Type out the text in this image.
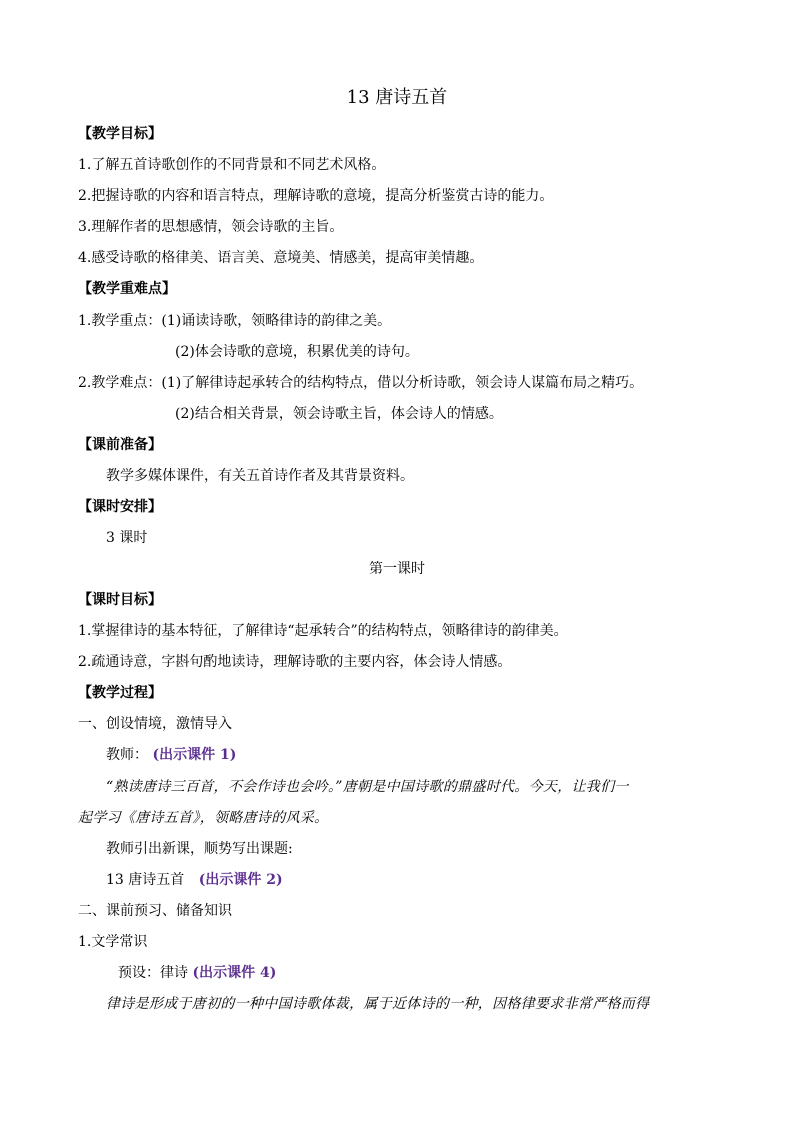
13 唐诗五首
【教学目标】
1.了解五首诗歌创作的不同背景和不同艺术风格。
2.把握诗歌的内容和语言特点，理解诗歌的意境，提高分析鉴赏古诗的能力。
3.理解作者的思想感情，领会诗歌的主旨。
4.感受诗歌的格律美、语言美、意境美、情感美，提高审美情趣。
【教学重难点】
1.教学重点：(1)诵读诗歌，领略律诗的韵律之美。
(2)体会诗歌的意境，积累优美的诗句。
2.教学难点：(1)了解律诗起承转合的结构特点，借以分析诗歌，领会诗人谋篇布局之精巧。
(2)结合相关背景，领会诗歌主旨，体会诗人的情感。
【课前准备】
教学多媒体课件，有关五首诗作者及其背景资料。
【课时安排】
3 课时
第一课时
【课时目标】
1.掌握律诗的基本特征，了解律诗“起承转合”的结构特点，领略律诗的韵律美。
2.疏通诗意，字斟句酌地读诗，理解诗歌的主要内容，体会诗人情感。
【教学过程】
一、创设情境，激情导入
教师： (出示课件 1)
“熟读唐诗三百首，不会作诗也会吟。”唐朝是中国诗歌的鼎盛时代。今天，让我们一
起学习《唐诗五首》，领略唐诗的风采。
教师引出新课，顺势写出课题:
13 唐诗五首 (出示课件 2)
二、课前预习、储备知识
1.文学常识
预设：律诗 (出示课件 4)
律诗是形成于唐初的一种中国诗歌体裁，属于近体诗的一种，因格律要求非常严格而得
